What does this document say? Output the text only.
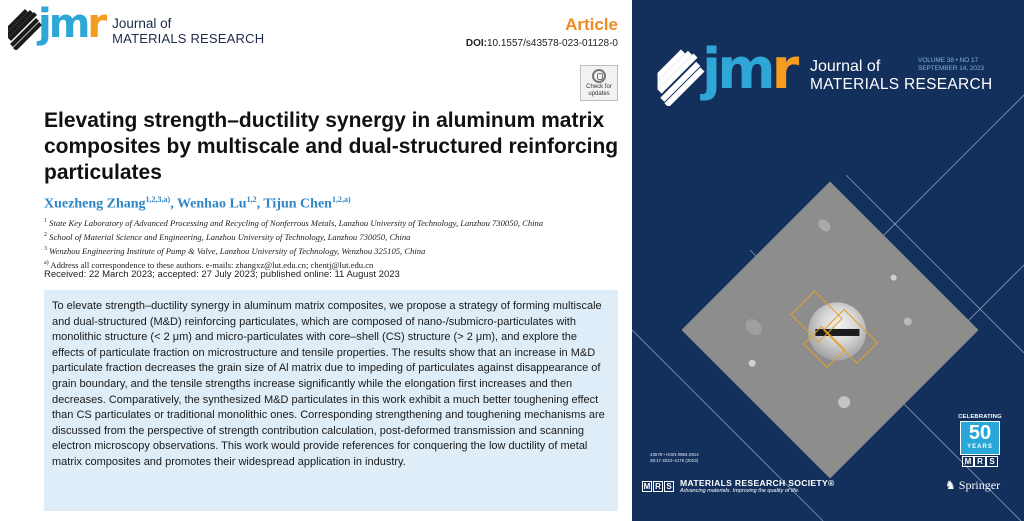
jmr Journal of
MATERIALS RESEARCH
Article
DOI:10.1557/s43578-023-01128-0
Check for
updates
Elevating strength–ductility synergy in aluminum matrix composites by multiscale and dual-structured reinforcing particulates
Xuezheng Zhang$^{1,2,3,a)}$, Wenhao Lu$^{1,2}$, Tijun Chen$^{1,2,a)}$
$^1$ State Key Laboratory of Advanced Processing and Recycling of Nonferrous Metals, Lanzhou University of Technology, Lanzhou 730050, China
$^2$ School of Material Science and Engineering, Lanzhou University of Technology, Lanzhou 730050, China
$^3$ Wenzhou Engineering Institute of Pump & Valve, Lanzhou University of Technology, Wenzhou 325105, China
$^{a)}$ Address all correspondence to these authors. e-mails: zhangxz@lut.edu.cn; chentj@lut.edu.cn
Received: 22 March 2023; accepted: 27 July 2023; published online: 11 August 2023

To elevate strength–ductility synergy in aluminum matrix composites, we propose a strategy of forming multiscale and dual-structured (M&D) reinforcing particulates, which are composed of nano-/submicro-particulates with monolithic structure (< 2 μm) and micro-particulates with core–shell (CS) structure (> 2 μm), and explore the effects of particulate fraction on microstructure and tensile properties. The results show that an increase in M&D particulate fraction decreases the grain size of Al matrix due to impeding of particulates against disappearance of grain boundary, and the tensile strengths increase significantly while the elongation first increases and then decreases. Comparatively, the synthesized M&D particulates in this work exhibit a much better toughening effect than CS particulates or traditional monolithic ones. Corresponding strengthening and toughening mechanisms are discussed from the perspective of strength contribution calculation, post-deformed transmission and scanning electron microscopy observations. This work would provide references for conquering the low ductility of metal matrix composites and promotes their widespread application in industry.

jmr Journal of
MATERIALS RESEARCH
VOLUME 38 • NO 17
SEPTEMBER 14, 2023
43578 • ISSN 0884-2914
38:17 4023–4176 (2023)
M R S MATERIALS RESEARCH SOCIETY®
Advancing materials. Improving the quality of life.
CELEBRATING
50
YEARS
M R S
♞ Springer
